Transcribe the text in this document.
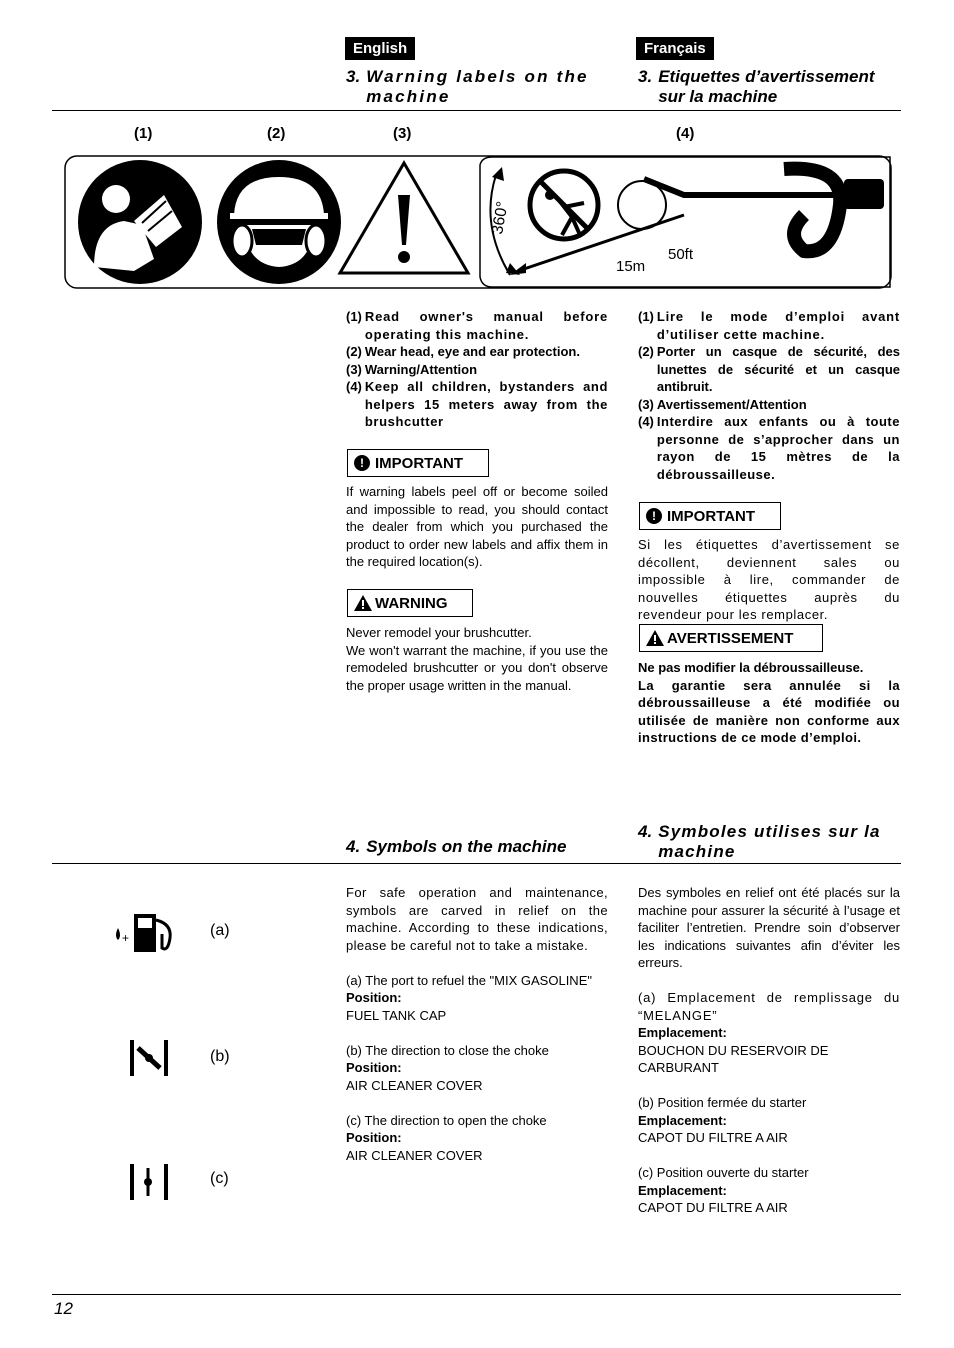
English	Français
3. Warning labels on the machine
3. Etiquettes d’avertissement sur la machine
(1)	(2)	(3)	(4)
360°
15m
50ft
(1) Read owner's manual before operating this machine.
(2) Wear head, eye and ear protection.
(3) Warning/Attention
(4) Keep all children, bystanders and helpers 15 meters away from the brushcutter
(1) Lire le mode d’emploi avant d’utiliser cette machine.
(2) Porter un casque de sécurité, des lunettes de sécurité et un casque antibruit.
(3) Avertissement/Attention
(4) Interdire aux enfants ou à toute personne de s’approcher dans un rayon de 15 mètres de la débroussailleuse.
! IMPORTANT
If warning labels peel off or become soiled and impossible to read, you should contact the dealer from which you purchased the product to order new labels and affix them in the required location(s).
WARNING
Never remodel your brushcutter.
We won't warrant the machine, if you use the remodeled brushcutter or you don't observe the proper usage written in the manual.
! IMPORTANT
Si les étiquettes d’avertissement se décollent, deviennent sales ou impossible à lire, commander de nouvelles étiquettes auprès du revendeur pour les remplacer.
AVERTISSEMENT
Ne pas modifier la débroussailleuse.
La garantie sera annulée si la débroussailleuse a été modifiée ou utilisée de manière non conforme aux instructions de ce mode d’emploi.
4. Symbols on the machine
4. Symboles utilises sur la machine
+	(a)
(b)
(c)

For safe operation and maintenance, symbols are carved in relief on the machine. According to these indications, please be careful not to take a mistake.

(a) The port to refuel the "MIX GASOLINE"
Position:
FUEL TANK CAP
(b) The direction to close the choke
Position:
AIR CLEANER COVER
(c) The direction to open the choke
Position:
AIR CLEANER COVER

Des symboles en relief ont été placés sur la machine pour assurer la sécurité à l’usage et faciliter l’entretien. Prendre soin d’observer les indications suivantes afin d’éviter les erreurs.

(a) Emplacement de remplissage du “MELANGE”
Emplacement:
BOUCHON DU RESERVOIR DE CARBURANT
(b) Position fermée du starter
Emplacement:
CAPOT DU FILTRE A AIR
(c) Position ouverte du starter
Emplacement:
CAPOT DU FILTRE A AIR
12
